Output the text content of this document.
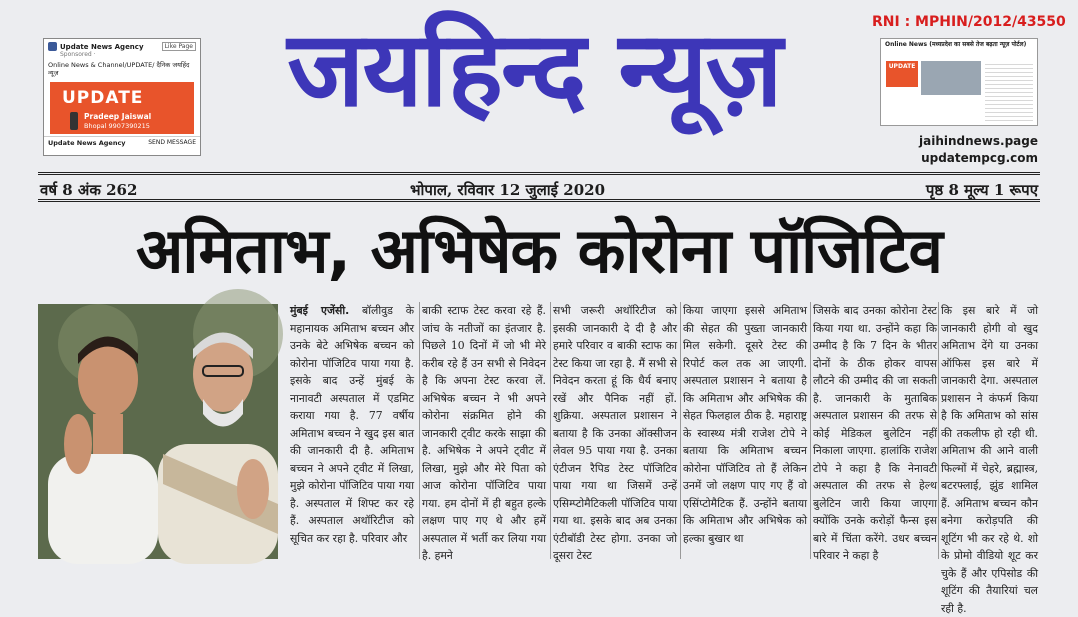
Update News Agency	Like Page
Sponsored ·
Online News & Channel/UPDATE/ दैनिक जयहिंद न्यूज़
UPDATE
Pradeep Jaiswal
Bhopal 9907390215
Update News Agency	SEND MESSAGE
जयहिन्द न्यूज़	RNI : MPHIN/2012/43550
Online News (मध्यप्रदेश का सबसे तेज बढ़ता न्यूज़ पोर्टल)
UPDATE
jaihindnews.page
updatempcg.com
वर्ष 8 अंक 262	भोपाल, रविवार 12 जुलाई 2020	पृष्ठ 8 मूल्य 1 रूपए
अमिताभ, अभिषेक कोरोना पॉजिटिव
मुंबई एजेंसी. बॉलीवुड के महानायक अमिताभ बच्चन और उनके बेटे अभिषेक बच्चन को कोरोना पॉजिटिव पाया गया है. इसके बाद उन्हें मुंबई के नानावटी अस्पताल में एडमिट कराया गया है. 77 वर्षीय अमिताभ बच्चन ने खुद इस बात की जानकारी दी है. अमिताभ बच्चन ने अपने ट्वीट में लिखा, मुझे कोरोना पॉजिटिव पाया गया है. अस्पताल में शिफ्ट कर रहे हैं. अस्पताल अथॉरिटीज को सूचित कर रहा है. परिवार और
बाकी स्टाफ टेस्ट करवा रहे हैं. जांच के नतीजों का इंतजार है. पिछले 10 दिनों में जो भी मेरे करीब रहे हैं उन सभी से निवेदन है कि अपना टेस्ट करवा लें. अभिषेक बच्चन ने भी अपने कोरोना संक्रमित होने की जानकारी ट्वीट करके साझा की है. अभिषेक ने अपने ट्वीट में लिखा, मुझे और मेरे पिता को आज कोरोना पॉजिटिव पाया गया. हम दोनों में ही बहुत हल्के लक्षण पाए गए थे और हमें अस्पताल में भर्ती कर लिया गया है. हमने
सभी जरूरी अथॉरिटीज को इसकी जानकारी दे दी है और हमारे परिवार व बाकी स्टाफ का टेस्ट किया जा रहा है. मैं सभी से निवेदन करता हूं कि धैर्य बनाए रखें और पैनिक नहीं हों. शुक्रिया. अस्पताल प्रशासन ने बताया है कि उनका ऑक्सीजन लेवल 95 पाया गया है. उनका एंटीजन रैपिड टेस्ट पॉजिटिव पाया गया था जिसमें उन्हें एसिम्प्टोमैटिकली पॉजिटिव पाया गया था. इसके बाद अब उनका एंटीबॉडी टेस्ट होगा. उनका जो दूसरा टेस्ट
किया जाएगा इससे अमिताभ की सेहत की पुख्ता जानकारी मिल सकेगी. दूसरे टेस्ट की रिपोर्ट कल तक आ जाएगी. अस्पताल प्रशासन ने बताया है कि अमिताभ और अभिषेक की सेहत फिलहाल ठीक है. महाराष्ट्र के स्वास्थ्य मंत्री राजेश टोपे ने बताया कि अमिताभ बच्चन कोरोना पॉजिटिव तो हैं लेकिन उनमें जो लक्षण पाए गए हैं वो एसिंप्टोमैटिक हैं. उन्होंने बताया कि अमिताभ और अभिषेक को हल्का बुखार था
जिसके बाद उनका कोरोना टेस्ट किया गया था. उन्होंने कहा कि उम्मीद है कि 7 दिन के भीतर दोनों के ठीक होकर वापस लौटने की उम्मीद की जा सकती है. जानकारी के मुताबिक अस्पताल प्रशासन की तरफ से कोई मेडिकल बुलेटिन नहीं निकाला जाएगा. हालांकि राजेश टोपे ने कहा है कि नेनावटी अस्पताल की तरफ से हेल्थ बुलेटिन जारी किया जाएगा क्योंकि उनके करोड़ों फैन्स इस बारे में चिंता करेंगे. उधर बच्चन परिवार ने कहा है
कि इस बारे में जो जानकारी होगी वो खुद अमिताभ देंगे या उनका ऑफिस इस बारे में जानकारी देगा. अस्पताल प्रशासन ने कंफर्म किया है कि अमिताभ को सांस की तकलीफ हो रही थी. अमिताभ की आने वाली फिल्मों में चेहरे, ब्रह्मास्त्र, बटरफ्लाई, झुंड शामिल हैं. अमिताभ बच्चन कौन बनेगा करोड़पति की शूटिंग भी कर रहे थे. शो के प्रोमो वीडियो शूट कर चुके हैं और एपिसोड की शूटिंग की तैयारियां चल रही है.
